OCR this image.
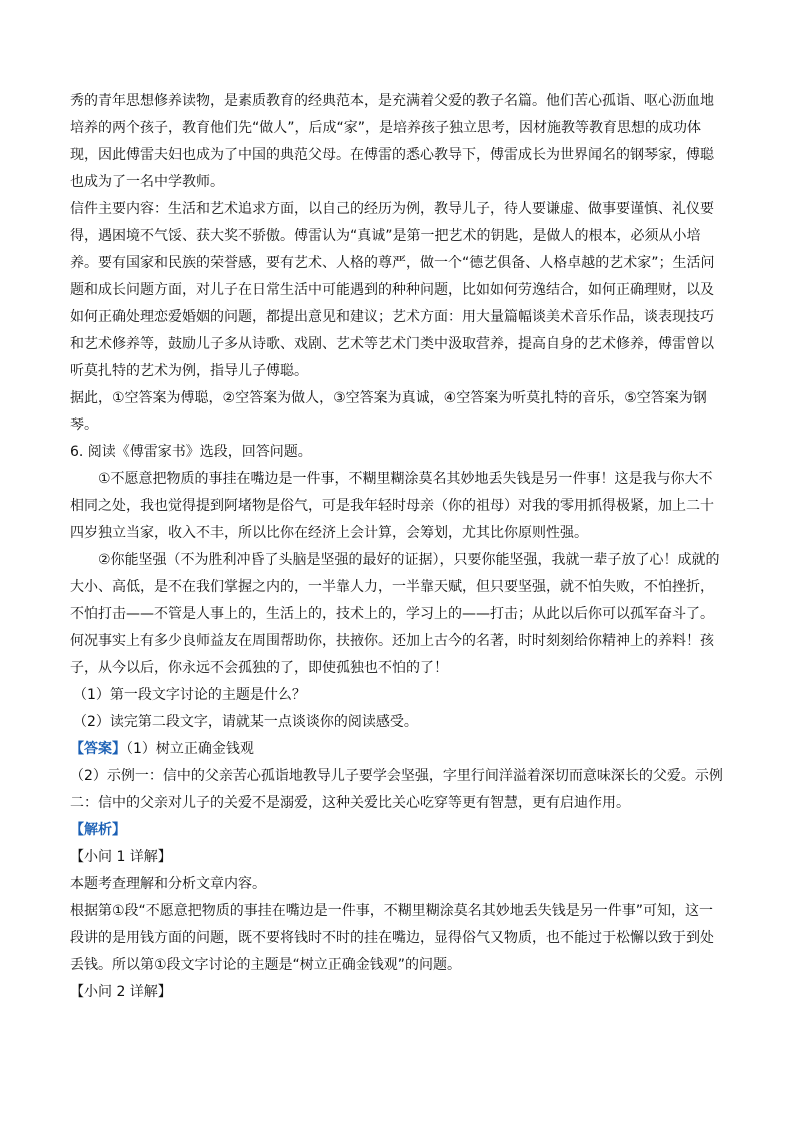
秀的青年思想修养读物，是素质教育的经典范本，是充满着父爱的教子名篇。他们苦心孤诣、呕心沥血地培养的两个孩子，教育他们先“做人”，后成“家”，是培养孩子独立思考，因材施教等教育思想的成功体现，因此傅雷夫妇也成为了中国的典范父母。在傅雷的悉心教导下，傅雷成长为世界闻名的钢琴家，傅聪也成为了一名中学教师。

信件主要内容：生活和艺术追求方面，以自己的经历为例，教导儿子，待人要谦虚、做事要谨慎、礼仪要得，遇困境不气馁、获大奖不骄傲。傅雷认为“真诚”是第一把艺术的钥匙，是做人的根本，必须从小培养。要有国家和民族的荣誉感，要有艺术、人格的尊严，做一个“德艺俱备、人格卓越的艺术家”；生活问题和成长问题方面，对儿子在日常生活中可能遇到的种种问题，比如如何劳逸结合，如何正确理财，以及如何正确处理恋爱婚姻的问题，都提出意见和建议；艺术方面：用大量篇幅谈美术音乐作品，谈表现技巧和艺术修养等，鼓励儿子多从诗歌、戏剧、艺术等艺术门类中汲取营养，提高自身的艺术修养，傅雷曾以听莫扎特的艺术为例，指导儿子傅聪。

据此，①空答案为傅聪，②空答案为做人，③空答案为真诚，④空答案为听莫扎特的音乐，⑤空答案为钢琴。

6. 阅读《傅雷家书》选段，回答问题。

①不愿意把物质的事挂在嘴边是一件事，不糊里糊涂莫名其妙地丢失钱是另一件事！这是我与你大不相同之处，我也觉得提到阿堵物是俗气，可是我年轻时母亲（你的祖母）对我的零用抓得极紧，加上二十四岁独立当家，收入不丰，所以比你在经济上会计算，会筹划，尤其比你原则性强。

②你能坚强（不为胜利冲昏了头脑是坚强的最好的证据），只要你能坚强，我就一辈子放了心！成就的大小、高低，是不在我们掌握之内的，一半靠人力，一半靠天赋，但只要坚强，就不怕失败，不怕挫折，不怕打击——不管是人事上的，生活上的，技术上的，学习上的——打击；从此以后你可以孤军奋斗了。何况事实上有多少良师益友在周围帮助你，扶掖你。还加上古今的名著，时时刻刻给你精神上的养料！孩子，从今以后，你永远不会孤独的了，即使孤独也不怕的了！

（1）第一段文字讨论的主题是什么？

（2）读完第二段文字，请就某一点谈谈你的阅读感受。

【答案】（1）树立正确金钱观

（2）示例一：信中的父亲苦心孤诣地教导儿子要学会坚强，字里行间洋溢着深切而意味深长的父爱。示例二：信中的父亲对儿子的关爱不是溺爱，这种关爱比关心吃穿等更有智慧，更有启迪作用。

【解析】

【小问 1 详解】

本题考查理解和分析文章内容。

根据第①段“不愿意把物质的事挂在嘴边是一件事，不糊里糊涂莫名其妙地丢失钱是另一件事”可知，这一段讲的是用钱方面的问题，既不要将钱时不时的挂在嘴边，显得俗气又物质，也不能过于松懈以致于到处丢钱。所以第①段文字讨论的主题是“树立正确金钱观”的问题。

【小问 2 详解】
